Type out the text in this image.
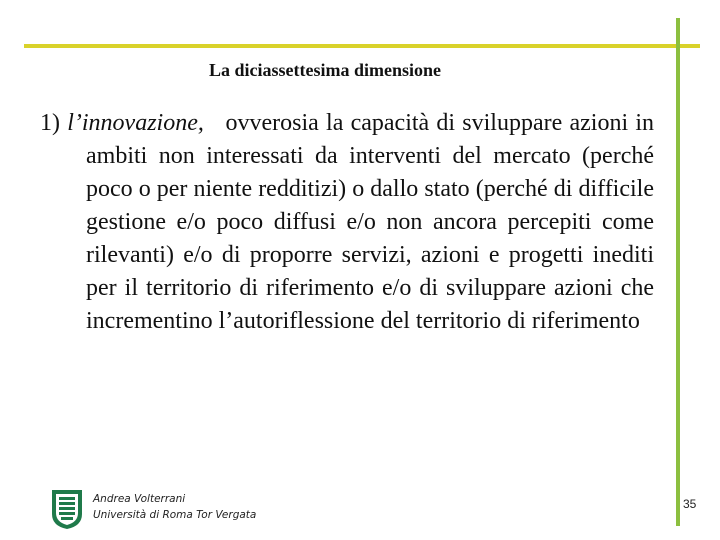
La diciassettesima dimensione
1) l’innovazione, ovverosia la capacità di sviluppare azioni in ambiti non interessati da interventi del mercato (perché poco o per niente redditizi) o dallo stato (perché di difficile gestione e/o poco diffusi e/o non ancora percepiti come rilevanti) e/o di proporre servizi, azioni e progetti inediti per il territorio di riferimento e/o di sviluppare azioni che incrementino l’autoriflessione del territorio di riferimento
Andrea Volterrani
Università di Roma Tor Vergata
35
